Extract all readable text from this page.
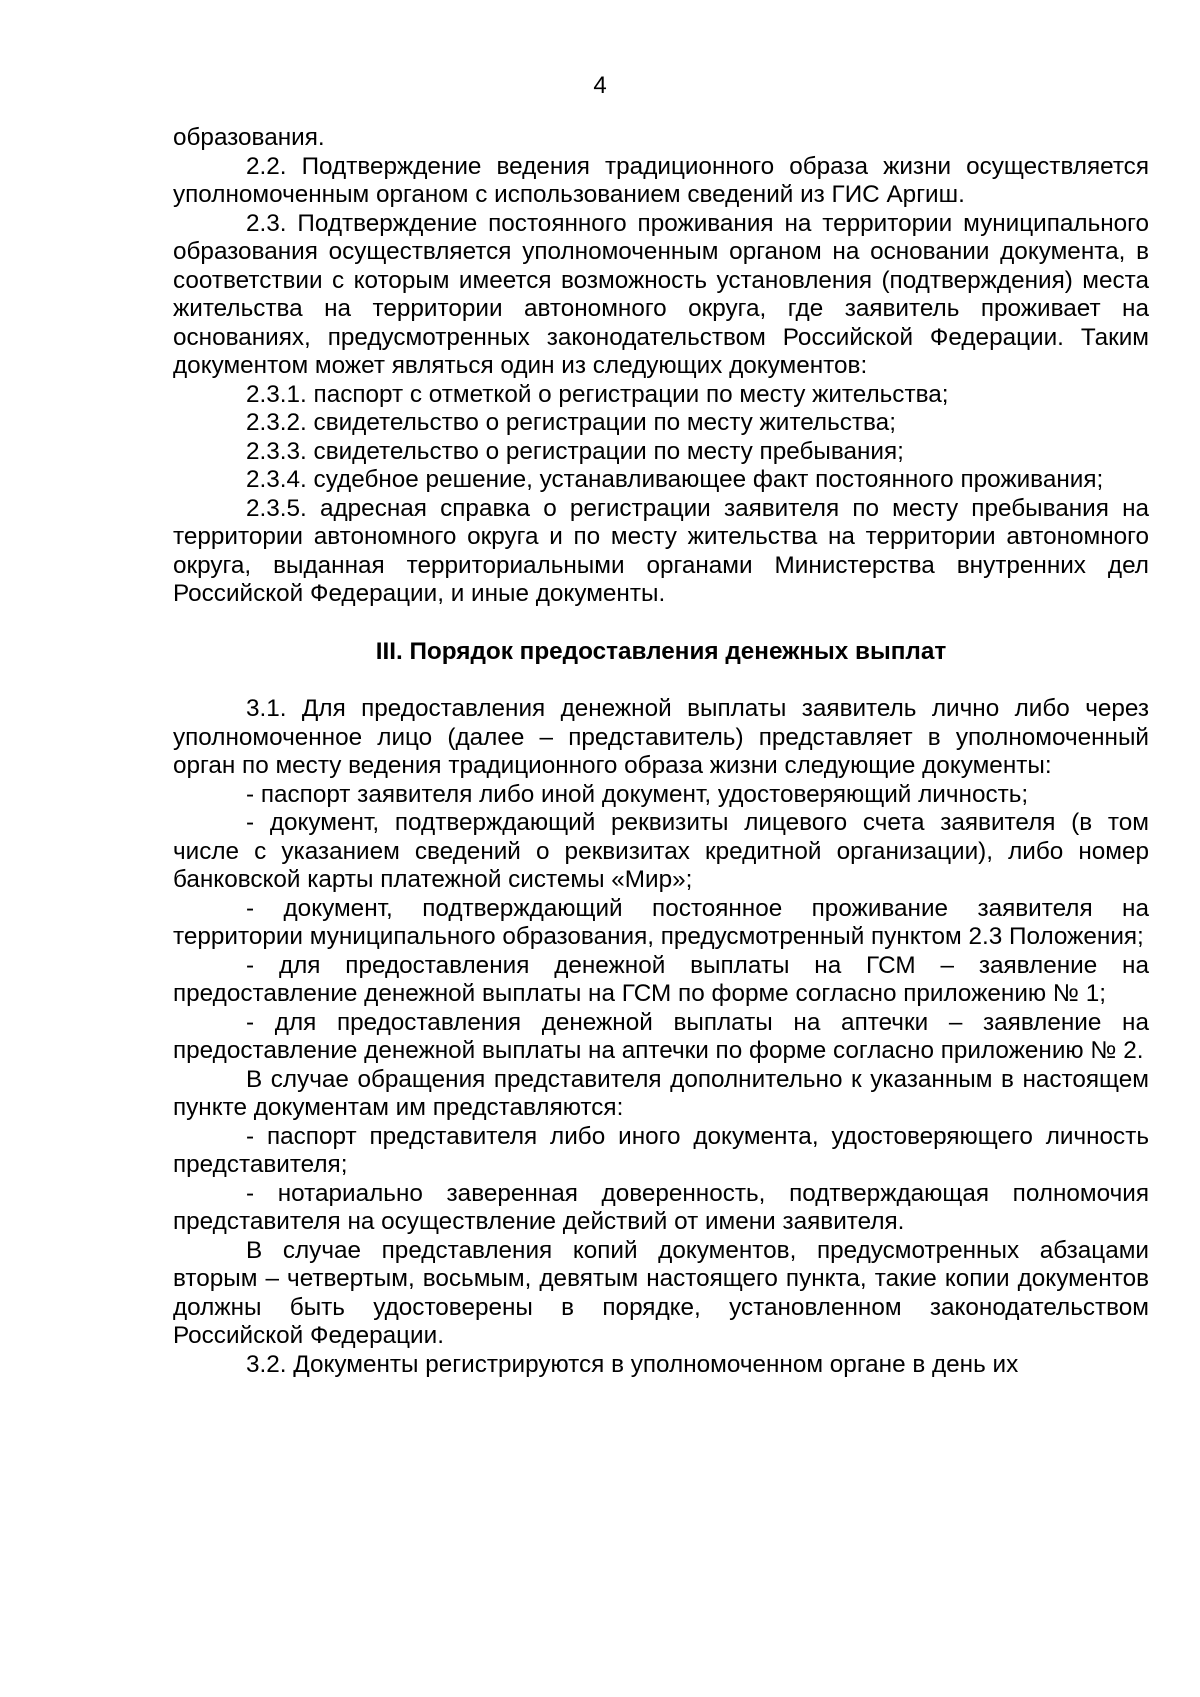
4

образования.

2.2. Подтверждение ведения традиционного образа жизни осуществляется уполномоченным органом с использованием сведений из ГИС Аргиш.

2.3. Подтверждение постоянного проживания на территории муниципального образования осуществляется уполномоченным органом на основании документа, в соответствии с которым имеется возможность установления (подтверждения) места жительства на территории автономного округа, где заявитель проживает на основаниях, предусмотренных законодательством Российской Федерации. Таким документом может являться один из следующих документов:

2.3.1. паспорт с отметкой о регистрации по месту жительства;

2.3.2. свидетельство о регистрации по месту жительства;

2.3.3. свидетельство о регистрации по месту пребывания;

2.3.4. судебное решение, устанавливающее факт постоянного проживания;

2.3.5. адресная справка о регистрации заявителя по месту пребывания на территории автономного округа и по месту жительства на территории автономного округа, выданная территориальными органами Министерства внутренних дел Российской Федерации, и иные документы.

III. Порядок предоставления денежных выплат

3.1. Для предоставления денежной выплаты заявитель лично либо через уполномоченное лицо (далее – представитель) представляет в уполномоченный орган по месту ведения традиционного образа жизни следующие документы:

- паспорт заявителя либо иной документ, удостоверяющий личность;

- документ, подтверждающий реквизиты лицевого счета заявителя (в том числе с указанием сведений о реквизитах кредитной организации), либо номер банковской карты платежной системы «Мир»;

- документ, подтверждающий постоянное проживание заявителя на территории муниципального образования, предусмотренный пунктом 2.3 Положения;

- для предоставления денежной выплаты на ГСМ – заявление на предоставление денежной выплаты на ГСМ по форме согласно приложению № 1;

- для предоставления денежной выплаты на аптечки – заявление на предоставление денежной выплаты на аптечки по форме согласно приложению № 2.

В случае обращения представителя дополнительно к указанным в настоящем пункте документам им представляются:

- паспорт представителя либо иного документа, удостоверяющего личность представителя;

- нотариально заверенная доверенность, подтверждающая полномочия представителя на осуществление действий от имени заявителя.

В случае представления копий документов, предусмотренных абзацами вторым – четвертым, восьмым, девятым настоящего пункта, такие копии документов должны быть удостоверены в порядке, установленном законодательством Российской Федерации.

3.2. Документы регистрируются в уполномоченном органе в день их
